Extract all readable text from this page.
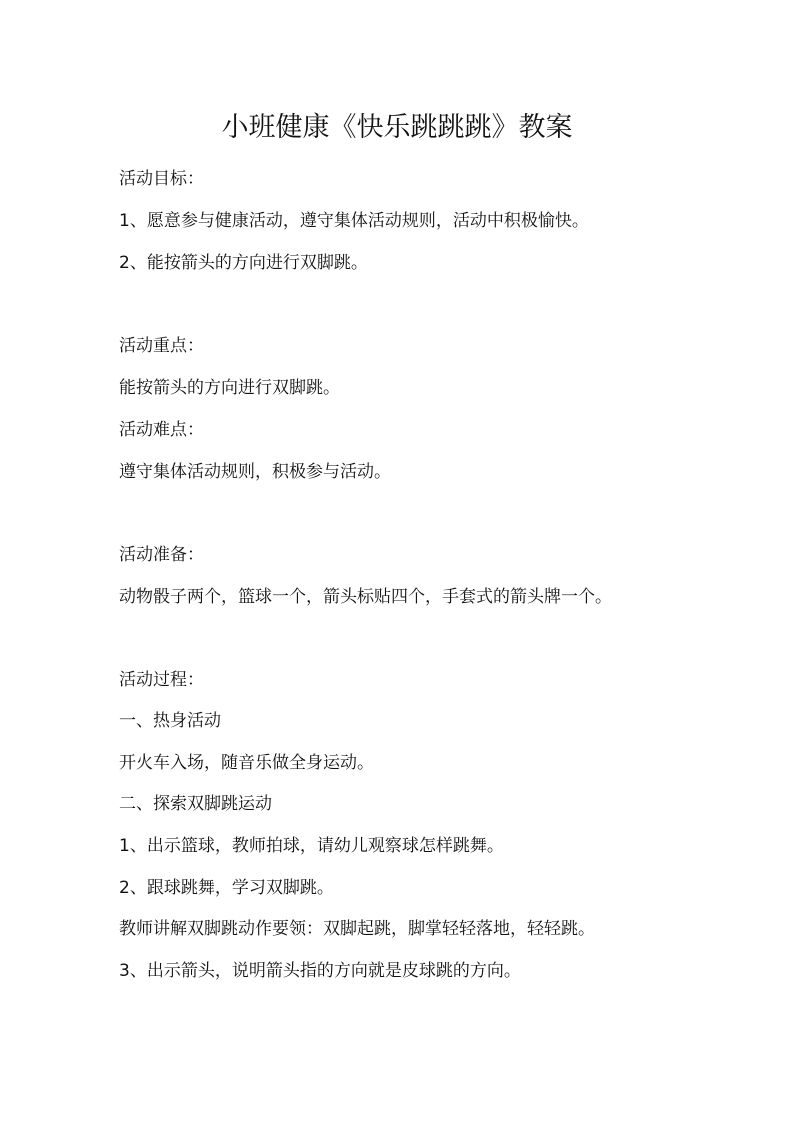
小班健康《快乐跳跳跳》教案
活动目标：
1、愿意参与健康活动，遵守集体活动规则，活动中积极愉快。
2、能按箭头的方向进行双脚跳。
活动重点：
能按箭头的方向进行双脚跳。
活动难点：
遵守集体活动规则，积极参与活动。
活动准备：
动物骰子两个，篮球一个，箭头标贴四个，手套式的箭头牌一个。
活动过程：
一、热身活动
开火车入场，随音乐做全身运动。
二、探索双脚跳运动
1、出示篮球，教师拍球，请幼儿观察球怎样跳舞。
2、跟球跳舞，学习双脚跳。
教师讲解双脚跳动作要领：双脚起跳，脚掌轻轻落地，轻轻跳。
3、出示箭头，说明箭头指的方向就是皮球跳的方向。
